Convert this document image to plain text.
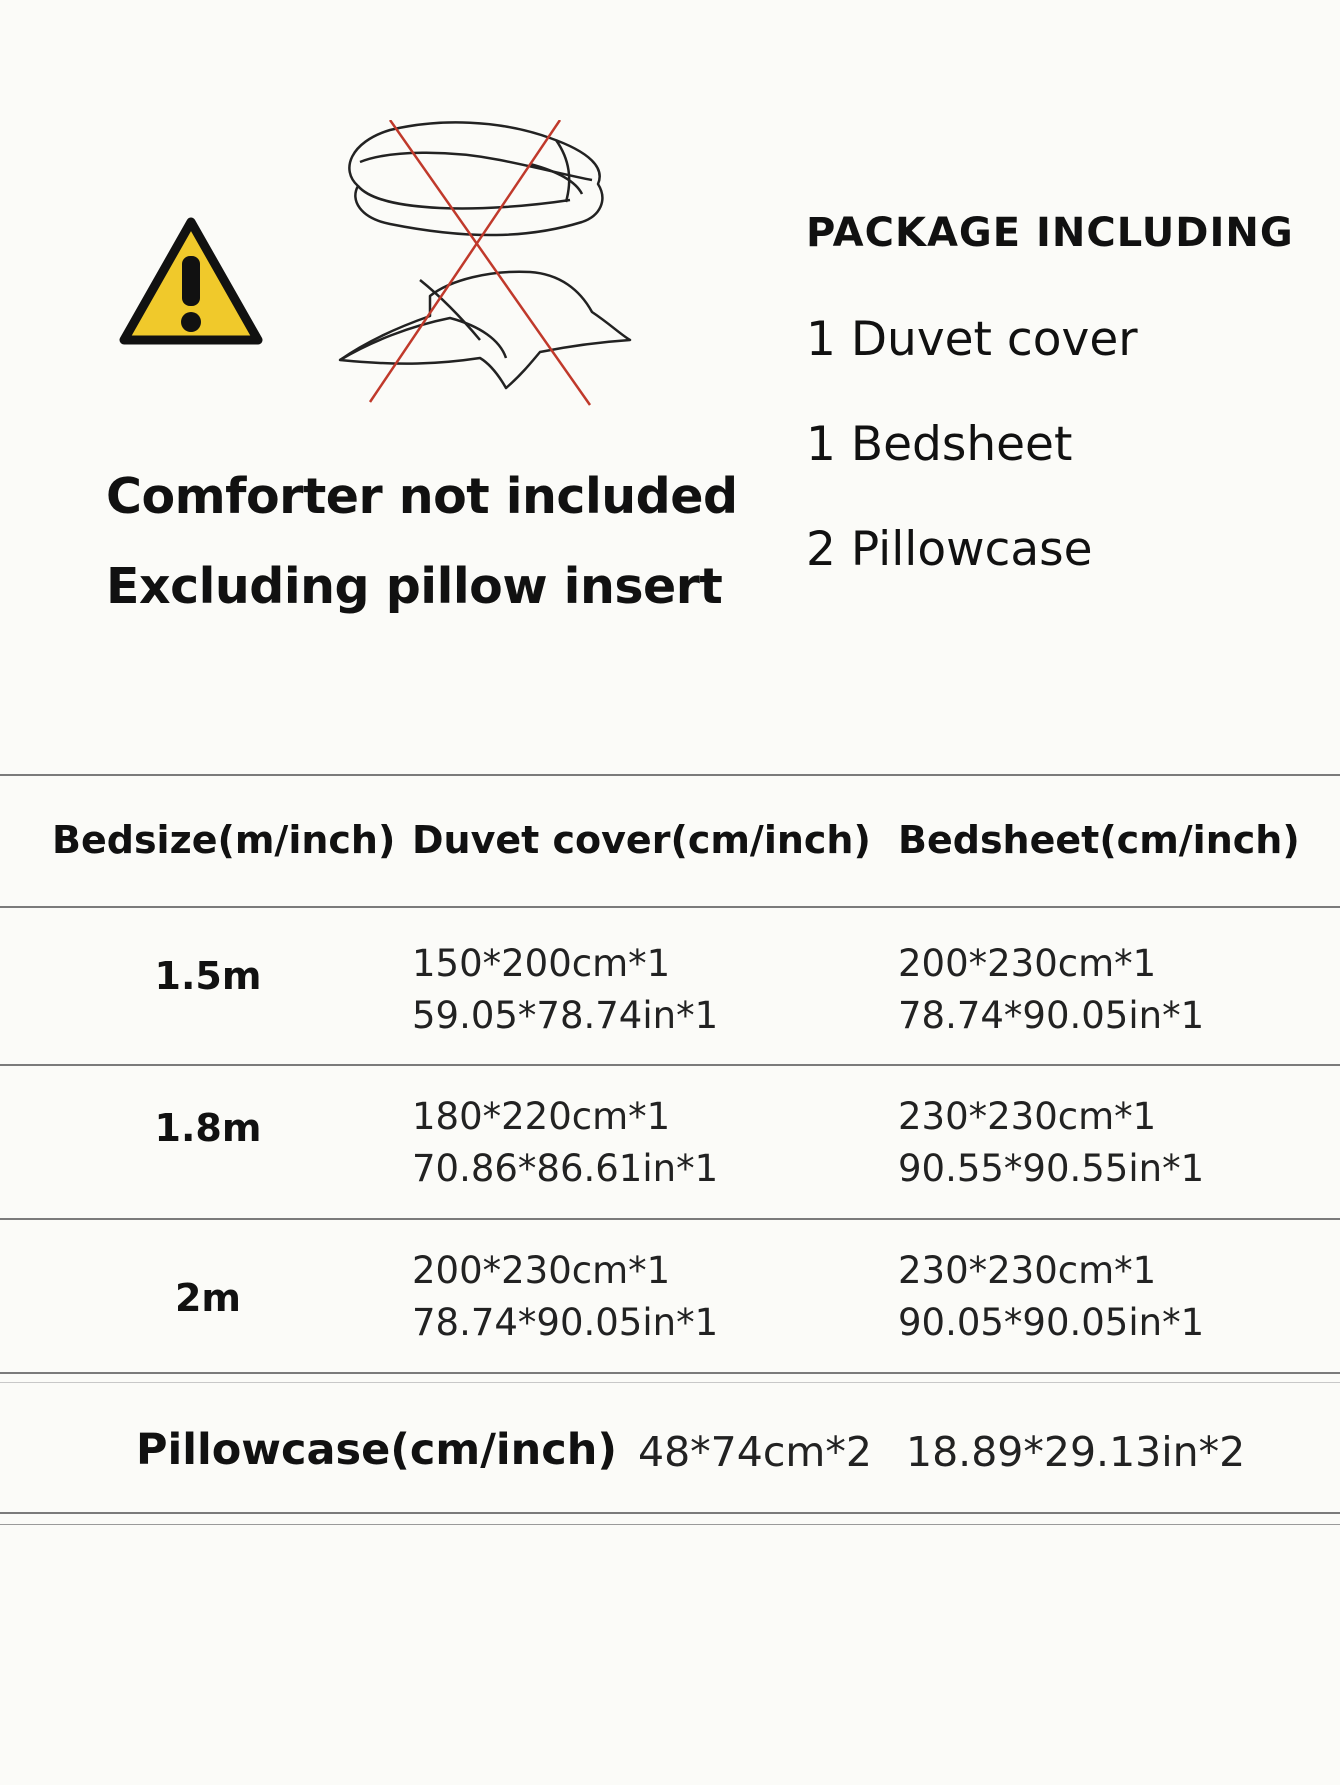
Comforter not included
Excluding pillow insert
PACKAGE INCLUDING
1 Duvet cover
1 Bedsheet
2 Pillowcase
Bedsize(m/inch) Duvet cover(cm/inch) Bedsheet(cm/inch)
1.5m	150*200cm*1
59.05*78.74in*1
200*230cm*1
78.74*90.05in*1
1.8m	180*220cm*1
70.86*86.61in*1
230*230cm*1
90.55*90.55in*1
2m
200*230cm*1
78.74*90.05in*1
230*230cm*1
90.05*90.05in*1
Pillowcase(cm/inch) 48*74cm*2 18.89*29.13in*2
